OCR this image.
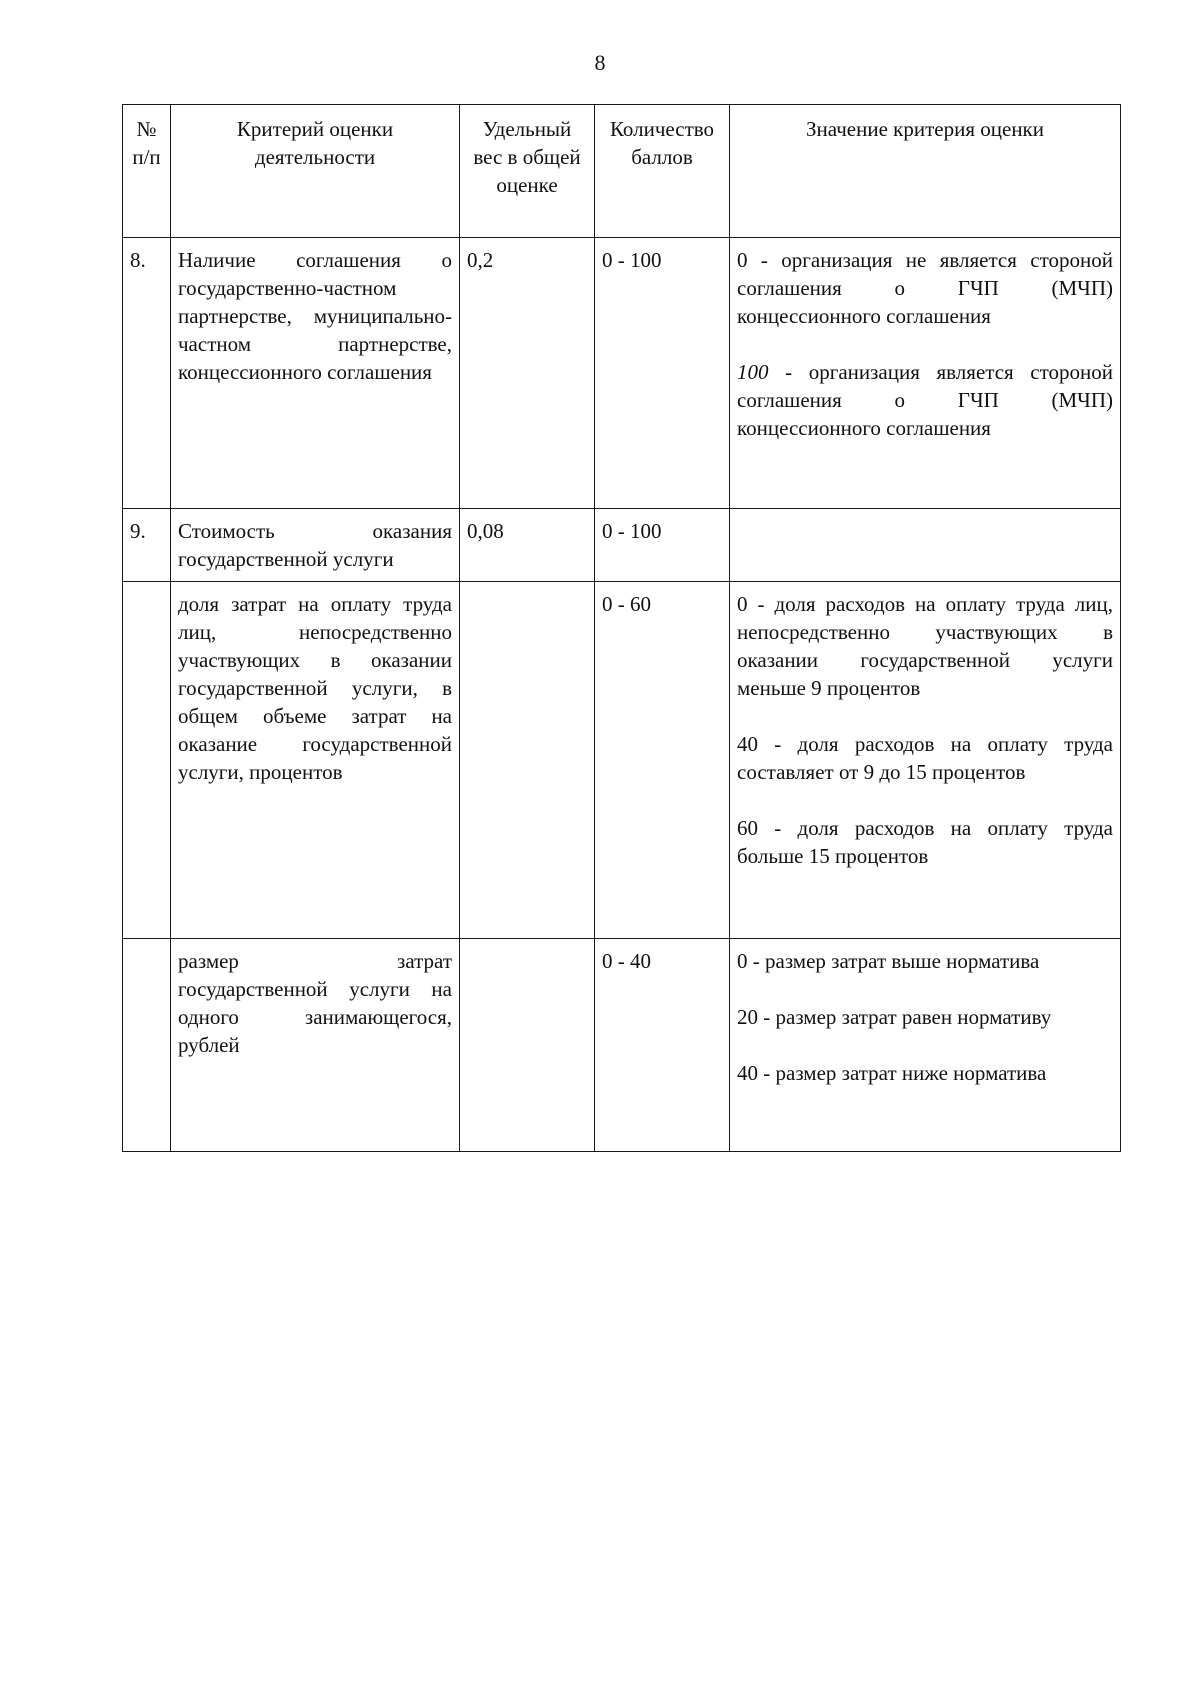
8
№ п/п	Критерий оценки деятельности	Удельный вес в общей оценке	Количество баллов	Значение критерия оценки
8.	Наличие соглашения о государственно-частном партнерстве, муниципально-частном партнерстве, концессионного соглашения	0,2	0 - 100	0 - организация не является стороной соглашения о ГЧП (МЧП) концессионного соглашения
100 - организация является стороной соглашения о ГЧП (МЧП) концессионного соглашения

9.	Стоимость оказания государственной услуги	0,08	0 - 100	
	доля затрат на оплату труда лиц, непосредственно участвующих в оказании государственной услуги, в общем объеме затрат на оказание государственной услуги, процентов		0 - 60	0 - доля расходов на оплату труда лиц, непосредственно участвующих в оказании государственной услуги меньше 9 процентов
40 - доля расходов на оплату труда составляет от 9 до 15 процентов
60 - доля расходов на оплату труда больше 15 процентов

	размер затрат государственной услуги на одного занимающегося, рублей		0 - 40	0 - размер затрат выше норматива
20 - размер затрат равен нормативу
40 - размер затрат ниже норматива
